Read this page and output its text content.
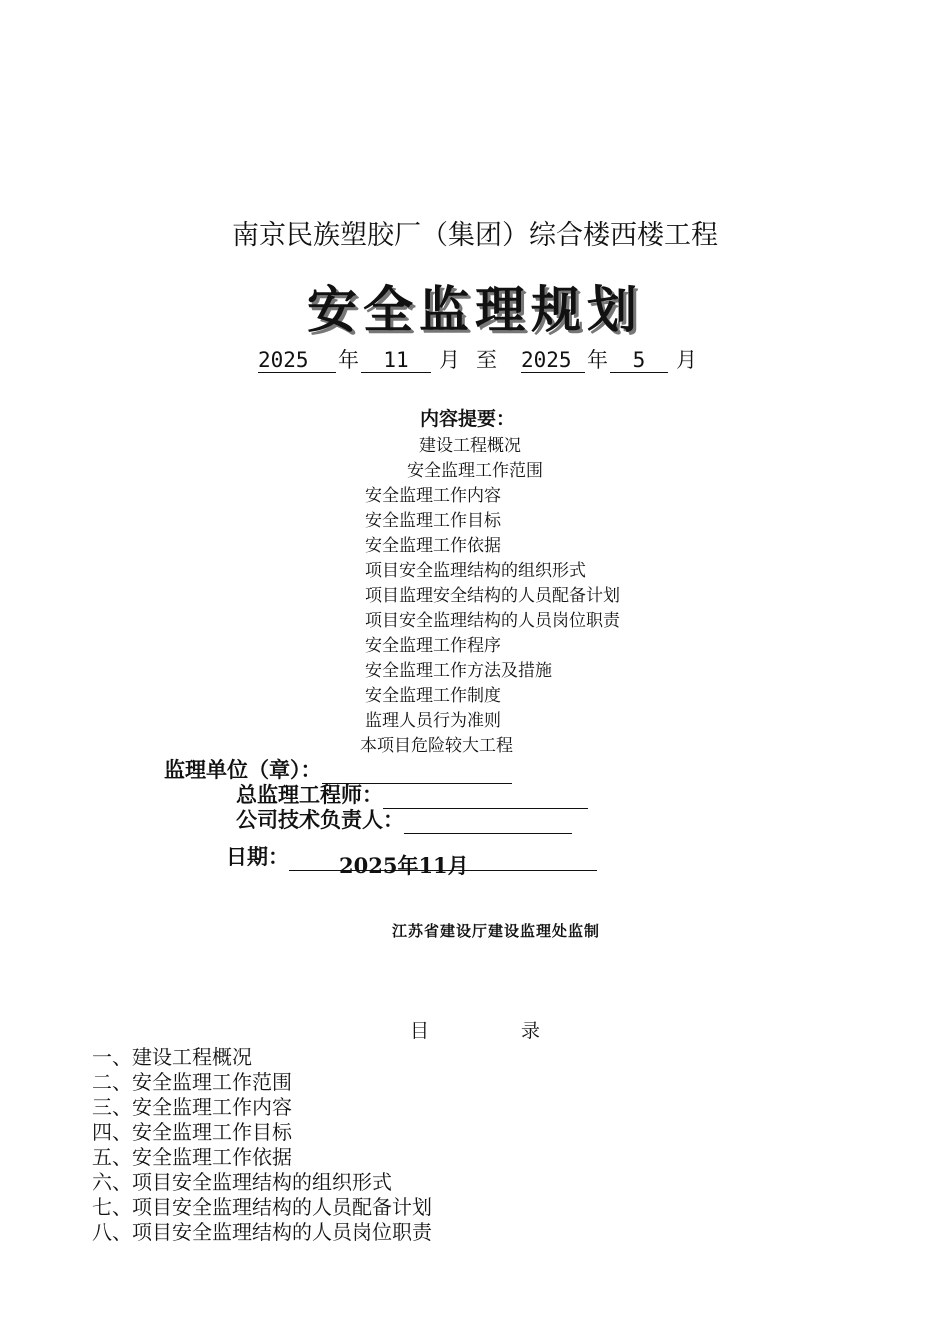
南京民族塑胶厂（集团）综合楼西楼工程
安全监理规划
2025 年 11 月 至 2025 年 5 月
内容提要：
建设工程概况
安全监理工作范围
安全监理工作内容
安全监理工作目标
安全监理工作依据
项目安全监理结构的组织形式
项目监理安全结构的人员配备计划
项目安全监理结构的人员岗位职责
安全监理工作程序
安全监理工作方法及措施
安全监理工作制度
监理人员行为准则
本项目危险较大工程
监理单位（章）：
总监理工程师：
公司技术负责人：
日期： 2025年11月
江苏省建设厅建设监理处监制
目	录
一、建设工程概况
二、安全监理工作范围
三、安全监理工作内容
四、安全监理工作目标
五、安全监理工作依据
六、项目安全监理结构的组织形式
七、项目安全监理结构的人员配备计划
八、项目安全监理结构的人员岗位职责
